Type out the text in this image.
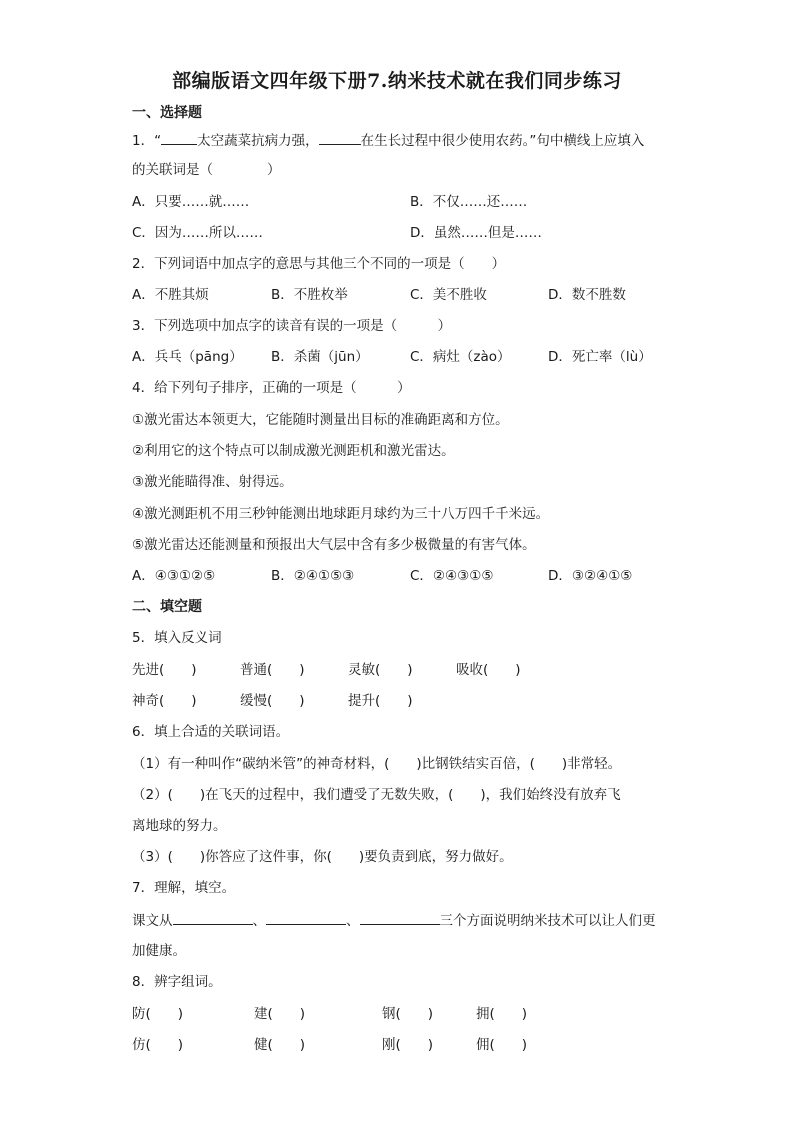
部编版语文四年级下册7.纳米技术就在我们同步练习
一、选择题
1．“	太空蔬菜抗病力强，	在生长过程中很少使用农药。”句中横线上应填入
的关联词是（　　　　）
A．只要……就……	B．不仅……还……
C．因为……所以……	D．虽然……但是……
2．下列词语中加点字的意思与其他三个不同的一项是（　　）
A．不胜其烦	B．不胜枚举	C．美不胜收	D．数不胜数
3．下列选项中加点字的读音有误的一项是（　　　）
A．兵乓（pāng） B．杀菌（jūn）	C．病灶（zào）	D．死亡率（lù）
4．给下列句子排序，正确的一项是（　　　）
①激光雷达本领更大，它能随时测量出目标的准确距离和方位。
②利用它的这个特点可以制成激光测距机和激光雷达。
③激光能瞄得准、射得远。
④激光测距机不用三秒钟能测出地球距月球约为三十八万四千千米远。
⑤激光雷达还能测量和预报出大气层中含有多少极微量的有害气体。
A．④③①②⑤	B．②④①⑤③	C．②④③①⑤	D．③②④①⑤
二、填空题
5．填入反义词
先进(　　)	普通(　　)	灵敏(　　)	吸收(　　)
神奇(　　)	缓慢(　　)	提升(　　)
6．填上合适的关联词语。
（1）有一种叫作“碳纳米管”的神奇材料，(　　)比钢铁结实百倍，(　　)非常轻。
（2）(　　)在飞天的过程中，我们遭受了无数失败，(　　)，我们始终没有放弃飞
离地球的努力。
（3）(　　)你答应了这件事，你(　　)要负责到底，努力做好。
7．理解，填空。
课文从	、	、	三个方面说明纳米技术可以让人们更
加健康。
8．辨字组词。
防(　　)	建(　　)	钢(　　)	拥(　　)
仿(　　)	健(　　)	刚(　　)	佣(　　)
